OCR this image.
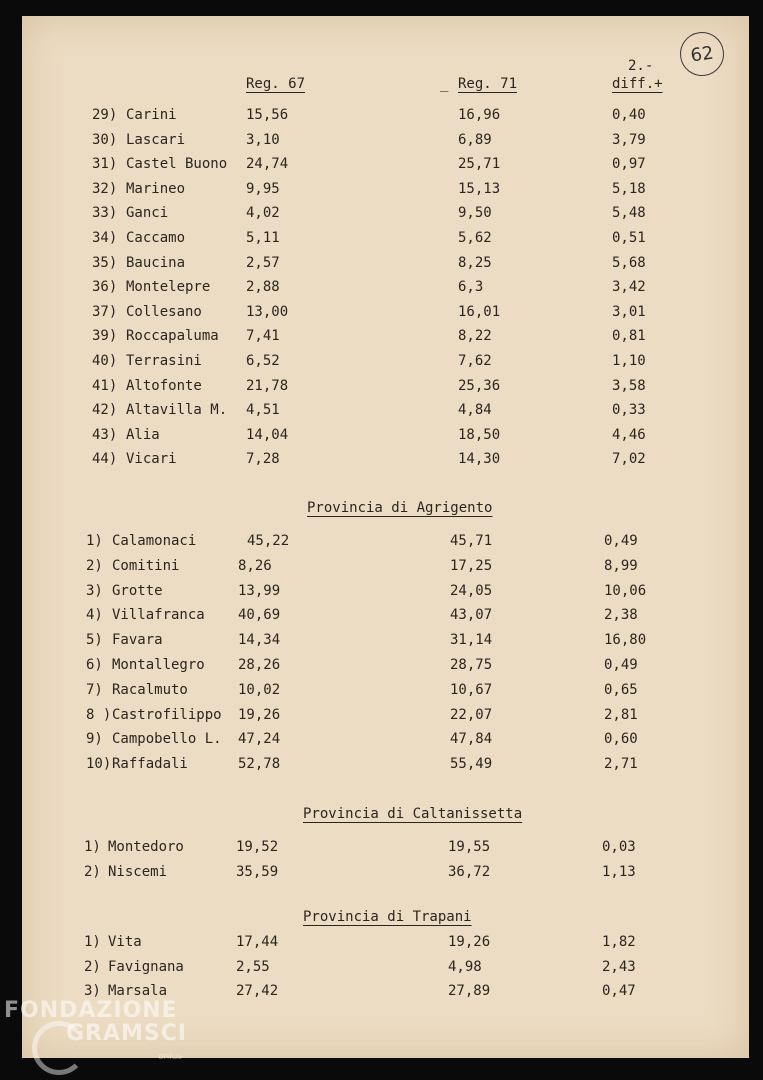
62
Reg. 67	_ Reg. 71
2.-
diff.+
Provincia di Agrigento
Provincia di Caltanissetta
Provincia di Trapani
29) Carini	15,56	16,96	0,40
30) Lascari	3,10	6,89	3,79
31) Castel Buono 24,74	25,71	0,97
32) Marineo	9,95	15,13	5,18
33) Ganci	4,02	9,50	5,48
34) Caccamo	5,11	5,62	0,51
35) Baucina	2,57	8,25	5,68
36) Montelepre	2,88	6,3	3,42
37) Collesano	13,00	16,01	3,01
39) Roccapaluma 7,41	8,22	0,81
40) Terrasini	6,52	7,62	1,10
41) Altofonte	21,78	25,36	3,58
42) Altavilla M. 4,51	4,84	0,33
43) Alia	14,04	18,50	4,46
44) Vicari	7,28	14,30	7,02
1) Calamonaci	45,22	45,71	0,49
2) Comitini	8,26	17,25	8,99
3) Grotte	13,99	24,05	10,06
4) Villafranca 40,69	43,07	2,38
5) Favara	14,34	31,14	16,80
6) Montallegro 28,26	28,75	0,49
7) Racalmuto	10,02	10,67	0,65
8 ) Castrofilippo 19,26	22,07	2,81
9) Campobello L. 47,24	47,84	0,60
10) Raffadali	52,78	55,49	2,71
1) Montedoro	19,52	19,55	0,03
2) Niscemi	35,59	36,72	1,13
1) Vita	17,44	19,26	1,82
2) Favignana	2,55	4,98	2,43
3) Marsala	27,42	27,89	0,47
FONDAZIONE
GRAMSCI
onlus
